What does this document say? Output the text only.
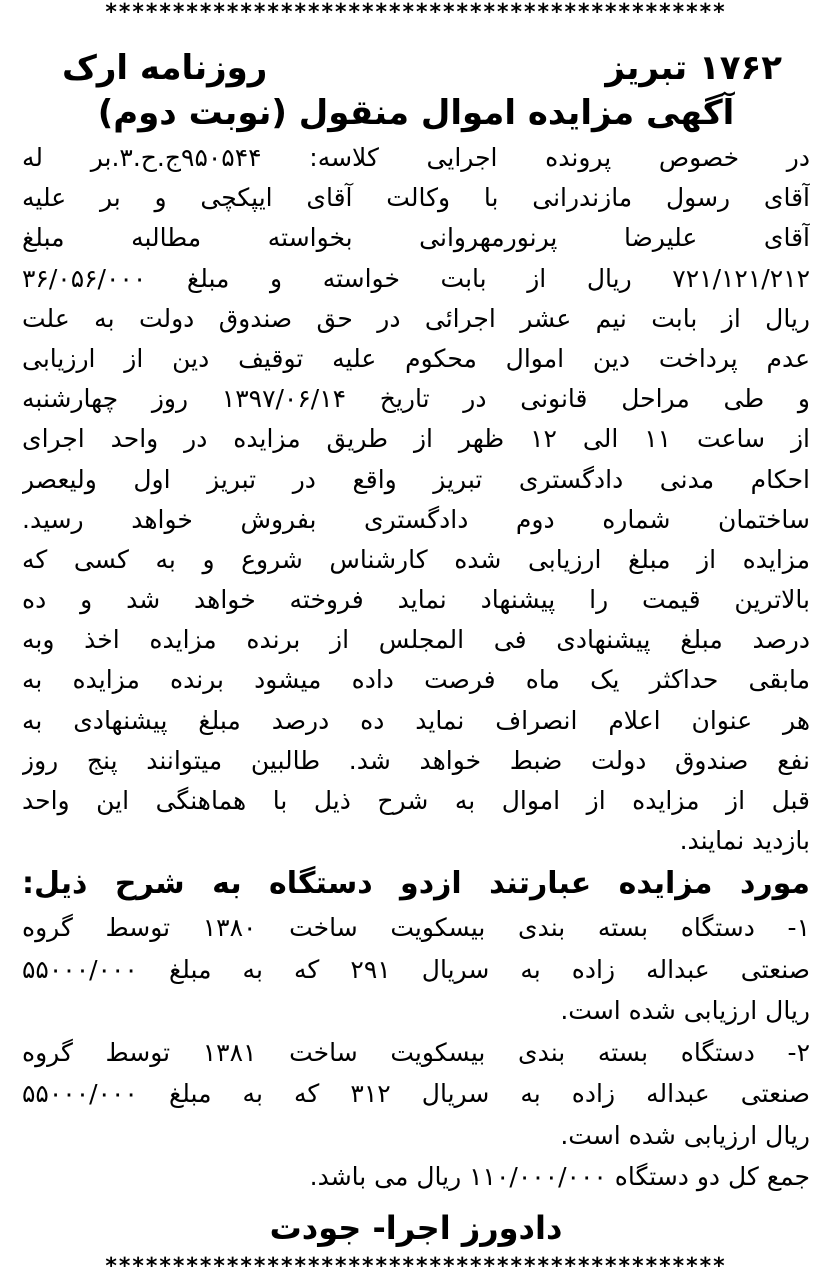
**********************************************
۱۷۶۲ تبریز
روزنامه ارک
آگهی مزایده اموال منقول (نوبت دوم)
در خصوص پرونده اجرایی کلاسه: ۹۵۰۵۴۴ج.ح.۳.بر له
آقای رسول مازندرانی با وکالت آقای ایپکچی و بر علیه
آقای علیرضا پرنورمهروانی بخواسته مطالبه مبلغ
۷۲۱/۱۲۱/۲۱۲ ریال از بابت خواسته و مبلغ ۳۶/۰۵۶/۰۰۰
ریال از بابت نیم عشر اجرائی در حق صندوق دولت به علت
عدم پرداخت دین اموال محکوم علیه توقیف دین از ارزیابی
و طی مراحل قانونی در تاریخ ۱۳۹۷/۰۶/۱۴ روز چهارشنبه
از ساعت ۱۱ الی ۱۲ ظهر از طریق مزایده در واحد اجرای
احکام مدنی دادگستری تبریز واقع در تبریز اول ولیعصر
ساختمان شماره دوم دادگستری بفروش خواهد رسید.
مزایده از مبلغ ارزیابی شده کارشناس شروع و به کسی که
بالاترین قیمت را پیشنهاد نماید فروخته خواهد شد و ده
درصد مبلغ پیشنهادی فی المجلس از برنده مزایده اخذ وبه
مابقی حداکثر یک ماه فرصت داده میشود برنده مزایده به
هر عنوان اعلام انصراف نماید ده درصد مبلغ پیشنهادی به
نفع صندوق دولت ضبط خواهد شد. طالبین میتوانند پنج روز
قبل از مزایده از اموال به شرح ذیل با هماهنگی این واحد
بازدید نمایند.
مورد مزایده عبارتند ازدو دستگاه به شرح ذیل:
۱- دستگاه بسته بندی بیسکویت ساخت ۱۳۸۰ توسط گروه
صنعتی عبداله زاده به سریال ۲۹۱ که به مبلغ ۵۵۰۰۰/۰۰۰
ریال ارزیابی شده است.
۲- دستگاه بسته بندی بیسکویت ساخت ۱۳۸۱ توسط گروه
صنعتی عبداله زاده به سریال ۳۱۲ که به مبلغ ۵۵۰۰۰/۰۰۰
ریال ارزیابی شده است.
جمع کل دو دستگاه ۱۱۰/۰۰۰/۰۰۰ ریال می باشد.
دادورز اجرا- جودت
**********************************************
